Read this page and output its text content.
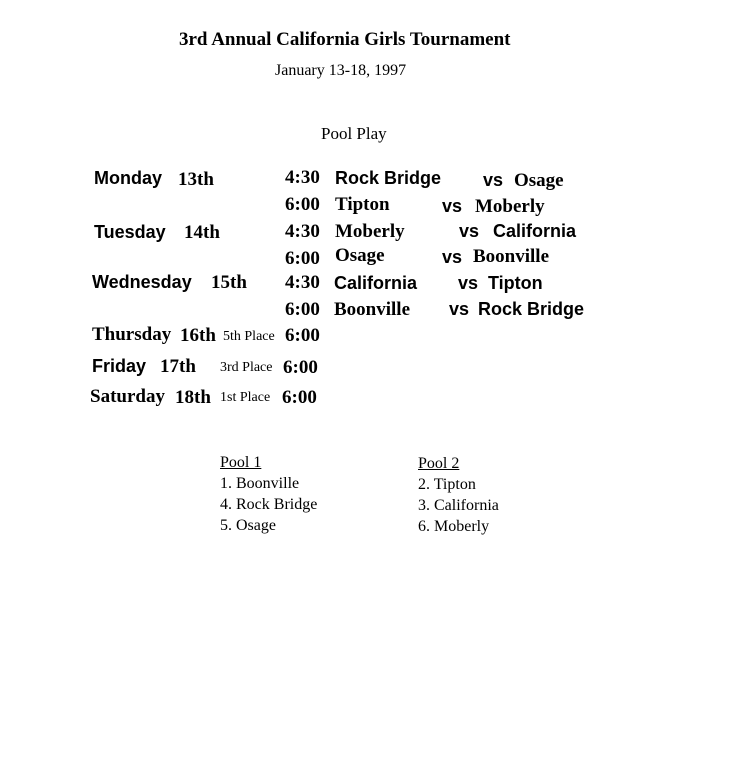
3rd Annual California Girls Tournament
January 13-18, 1997
Pool Play
Monday 13th	4:30 Rock Bridge vs Osage
6:00 Tipton	vs Moberly
Tuesday 14th	4:30 Moberly	vs California
6:00 Osage	vs Boonville
Wednesday 15th 4:30 California vs Tipton
6:00 Boonville vs Rock Bridge
Thursday 16th 5th Place 6:00
Friday 17th 3rd Place 6:00
Saturday 18th 1st Place 6:00
Pool 1
1. Boonville
4. Rock Bridge
5. Osage
Pool 2
2. Tipton
3. California
6. Moberly
